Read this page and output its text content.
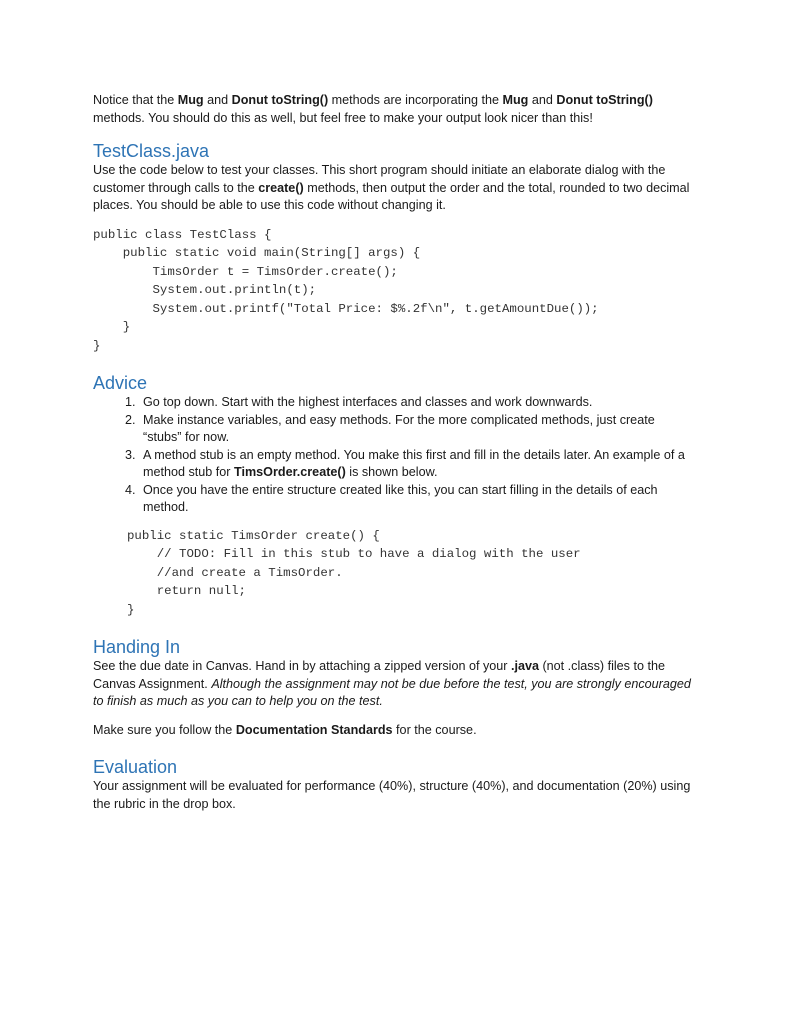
Notice that the Mug and Donut toString() methods are incorporating the Mug and Donut toString()
methods. You should do this as well, but feel free to make your output look nicer than this!

TestClass.java

Use the code below to test your classes. This short program should initiate an elaborate dialog with the customer through calls to the create() methods, then output the order and the total, rounded to two decimal places. You should be able to use this code without changing it.

public class TestClass {
public static void main(String[] args) {
TimsOrder t = TimsOrder.create();
System.out.println(t);
System.out.printf("Total Price: $%.2f\n", t.getAmountDue());
}
}
Advice
1. Go top down. Start with the highest interfaces and classes and work downwards.
2. Make instance variables, and easy methods. For the more complicated methods, just create “stubs” for now.
3. A method stub is an empty method. You make this first and fill in the details later. An example of a method stub for TimsOrder.create() is shown below.
4. Once you have the entire structure created like this, you can start filling in the details of each method.
public static TimsOrder create() {
// TODO: Fill in this stub to have a dialog with the user
//and create a TimsOrder.
return null;
}
Handing In

See the due date in Canvas. Hand in by attaching a zipped version of your .java (not .class) files to the Canvas Assignment. Although the assignment may not be due before the test, you are strongly encouraged to finish as much as you can to help you on the test.

Make sure you follow the Documentation Standards for the course.

Evaluation

Your assignment will be evaluated for performance (40%), structure (40%), and documentation (20%) using the rubric in the drop box.
